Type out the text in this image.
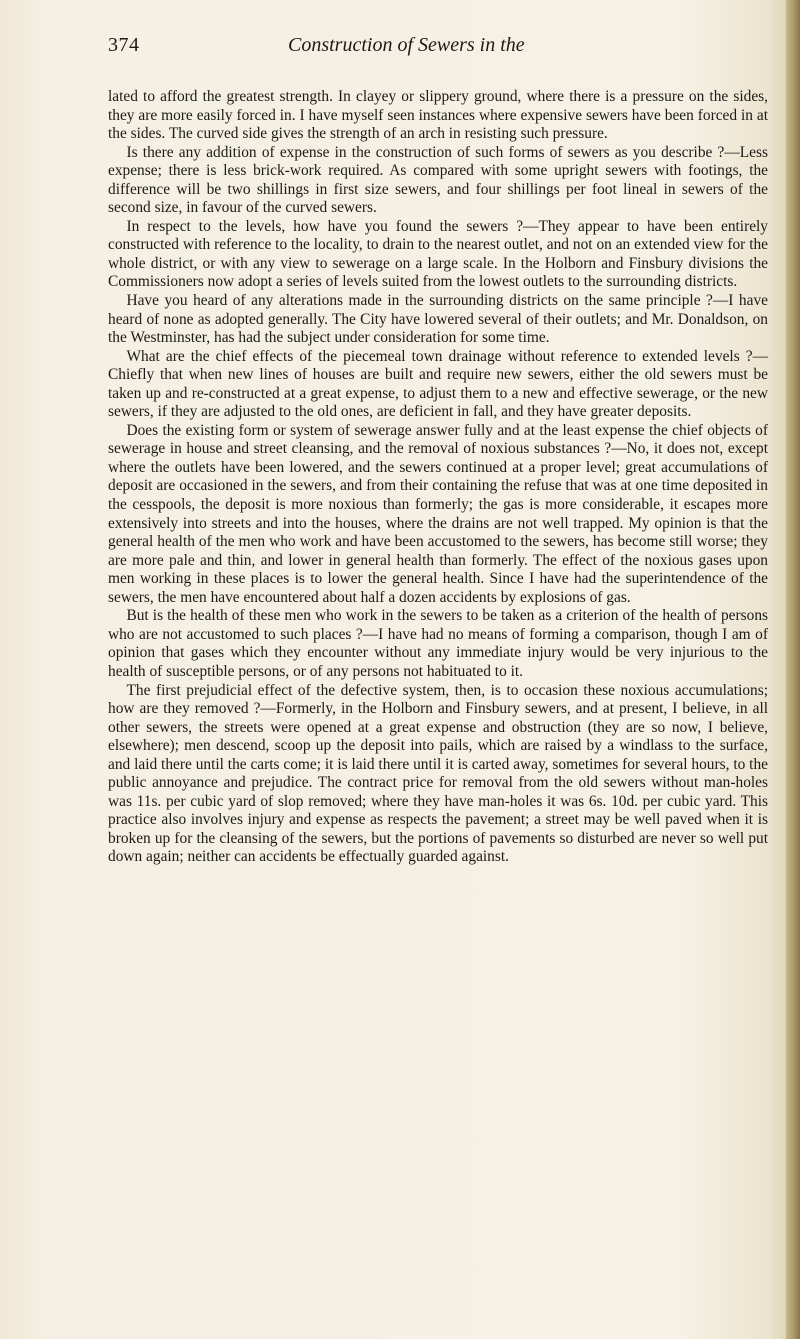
374	Construction of Sewers in the

lated to afford the greatest strength. In clayey or slippery ground, where there is a pressure on the sides, they are more easily forced in. I have myself seen instances where expensive sewers have been forced in at the sides. The curved side gives the strength of an arch in resisting such pressure.

Is there any addition of expense in the construction of such forms of sewers as you describe ?—Less expense; there is less brick-work required. As compared with some upright sewers with footings, the difference will be two shillings in first size sewers, and four shillings per foot lineal in sewers of the second size, in favour of the curved sewers.

In respect to the levels, how have you found the sewers ?—They appear to have been entirely constructed with reference to the locality, to drain to the nearest outlet, and not on an extended view for the whole district, or with any view to sewerage on a large scale. In the Holborn and Finsbury divisions the Commissioners now adopt a series of levels suited from the lowest outlets to the surrounding districts.

Have you heard of any alterations made in the surrounding districts on the same principle ?—I have heard of none as adopted generally. The City have lowered several of their outlets; and Mr. Donaldson, on the Westminster, has had the subject under consideration for some time.

What are the chief effects of the piecemeal town drainage without reference to extended levels ?—Chiefly that when new lines of houses are built and require new sewers, either the old sewers must be taken up and re-constructed at a great expense, to adjust them to a new and effective sewerage, or the new sewers, if they are adjusted to the old ones, are deficient in fall, and they have greater deposits.

Does the existing form or system of sewerage answer fully and at the least expense the chief objects of sewerage in house and street cleansing, and the removal of noxious substances ?—No, it does not, except where the outlets have been lowered, and the sewers continued at a proper level; great accumulations of deposit are occasioned in the sewers, and from their containing the refuse that was at one time deposited in the cesspools, the deposit is more noxious than formerly; the gas is more considerable, it escapes more extensively into streets and into the houses, where the drains are not well trapped. My opinion is that the general health of the men who work and have been accustomed to the sewers, has become still worse; they are more pale and thin, and lower in general health than formerly. The effect of the noxious gases upon men working in these places is to lower the general health. Since I have had the superintendence of the sewers, the men have encountered about half a dozen accidents by explosions of gas.

But is the health of these men who work in the sewers to be taken as a criterion of the health of persons who are not accustomed to such places ?—I have had no means of forming a comparison, though I am of opinion that gases which they encounter without any immediate injury would be very injurious to the health of susceptible persons, or of any persons not habituated to it.

The first prejudicial effect of the defective system, then, is to occasion these noxious accumulations; how are they removed ?—Formerly, in the Holborn and Finsbury sewers, and at present, I believe, in all other sewers, the streets were opened at a great expense and obstruction (they are so now, I believe, elsewhere); men descend, scoop up the deposit into pails, which are raised by a windlass to the surface, and laid there until the carts come; it is laid there until it is carted away, sometimes for several hours, to the public annoyance and prejudice. The contract price for removal from the old sewers without man-holes was 11s. per cubic yard of slop removed; where they have man-holes it was 6s. 10d. per cubic yard. This practice also involves injury and expense as respects the pavement; a street may be well paved when it is broken up for the cleansing of the sewers, but the portions of pavements so disturbed are never so well put down again; neither can accidents be effectually guarded against.
